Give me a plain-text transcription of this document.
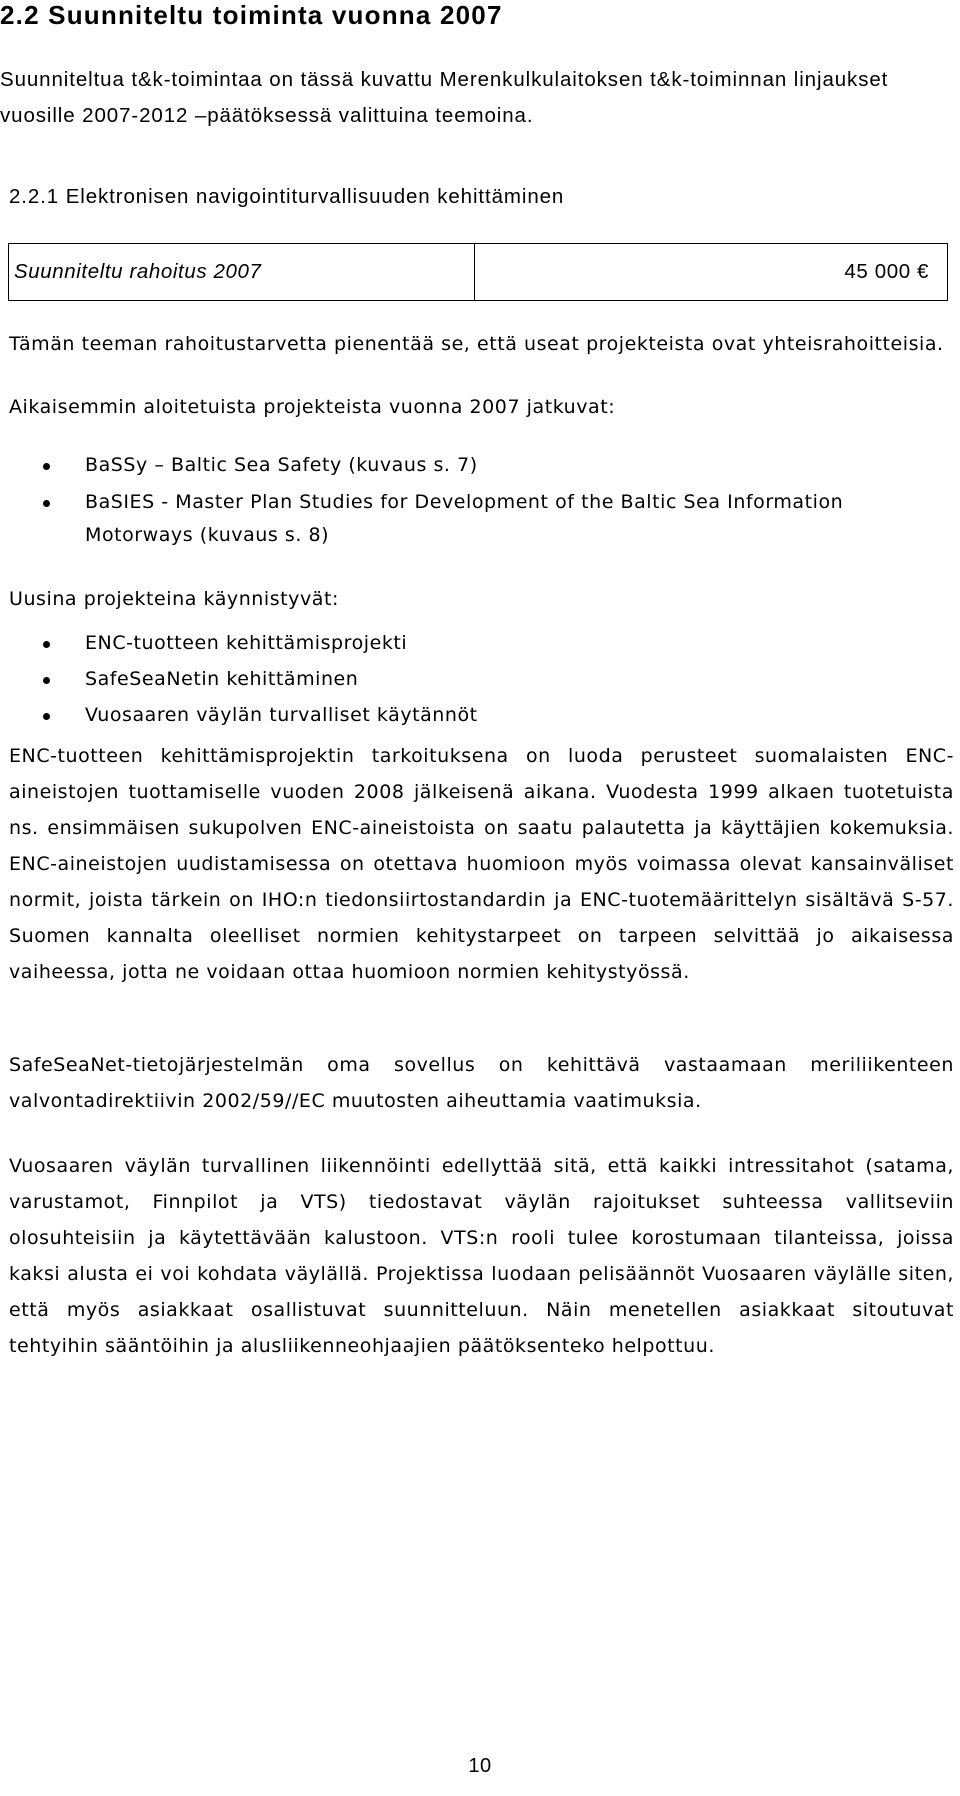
2.2 Suunniteltu toiminta vuonna 2007
Suunniteltua t&k-toimintaa on tässä kuvattu Merenkulkulaitoksen t&k-toiminnan linjaukset vuosille 2007-2012 –päätöksessä valittuina teemoina.
2.2.1 Elektronisen navigointiturvallisuuden kehittäminen
Suunniteltu rahoitus 2007	45 000 €
Tämän teeman rahoitustarvetta pienentää se, että useat projekteista ovat yhteisrahoitteisia.
Aikaisemmin aloitetuista projekteista vuonna 2007 jatkuvat:
BaSSy – Baltic Sea Safety (kuvaus s. 7)
BaSIES - Master Plan Studies for Development of the Baltic Sea Information Motorways (kuvaus s. 8)
Uusina projekteina käynnistyvät:
ENC-tuotteen kehittämisprojekti
SafeSeaNetin kehittäminen
Vuosaaren väylän turvalliset käytännöt
ENC-tuotteen kehittämisprojektin tarkoituksena on luoda perusteet suomalaisten ENC-aineistojen tuottamiselle vuoden 2008 jälkeisenä aikana. Vuodesta 1999 alkaen tuotetuista ns. ensimmäisen sukupolven ENC-aineistoista on saatu palautetta ja käyttäjien kokemuksia. ENC-aineistojen uudistamisessa on otettava huomioon myös voimassa olevat kansainväliset normit, joista tärkein on IHO:n tiedonsiirtostandardin ja ENC-tuotemäärittelyn sisältävä S-57. Suomen kannalta oleelliset normien kehitystarpeet on tarpeen selvittää jo aikaisessa vaiheessa, jotta ne voidaan ottaa huomioon normien kehitystyössä.
SafeSeaNet-tietojärjestelmän oma sovellus on kehittävä vastaamaan meriliikenteen valvontadirektiivin 2002/59//EC muutosten aiheuttamia vaatimuksia.
Vuosaaren väylän turvallinen liikennöinti edellyttää sitä, että kaikki intressitahot (satama, varustamot, Finnpilot ja VTS) tiedostavat väylän rajoitukset suhteessa vallitseviin olosuhteisiin ja käytettävään kalustoon. VTS:n rooli tulee korostumaan tilanteissa, joissa kaksi alusta ei voi kohdata väylällä. Projektissa luodaan pelisäännöt Vuosaaren väylälle siten, että myös asiakkaat osallistuvat suunnitteluun. Näin menetellen asiakkaat sitoutuvat tehtyihin sääntöihin ja alusliikenneohjaajien päätöksenteko helpottuu.
10
